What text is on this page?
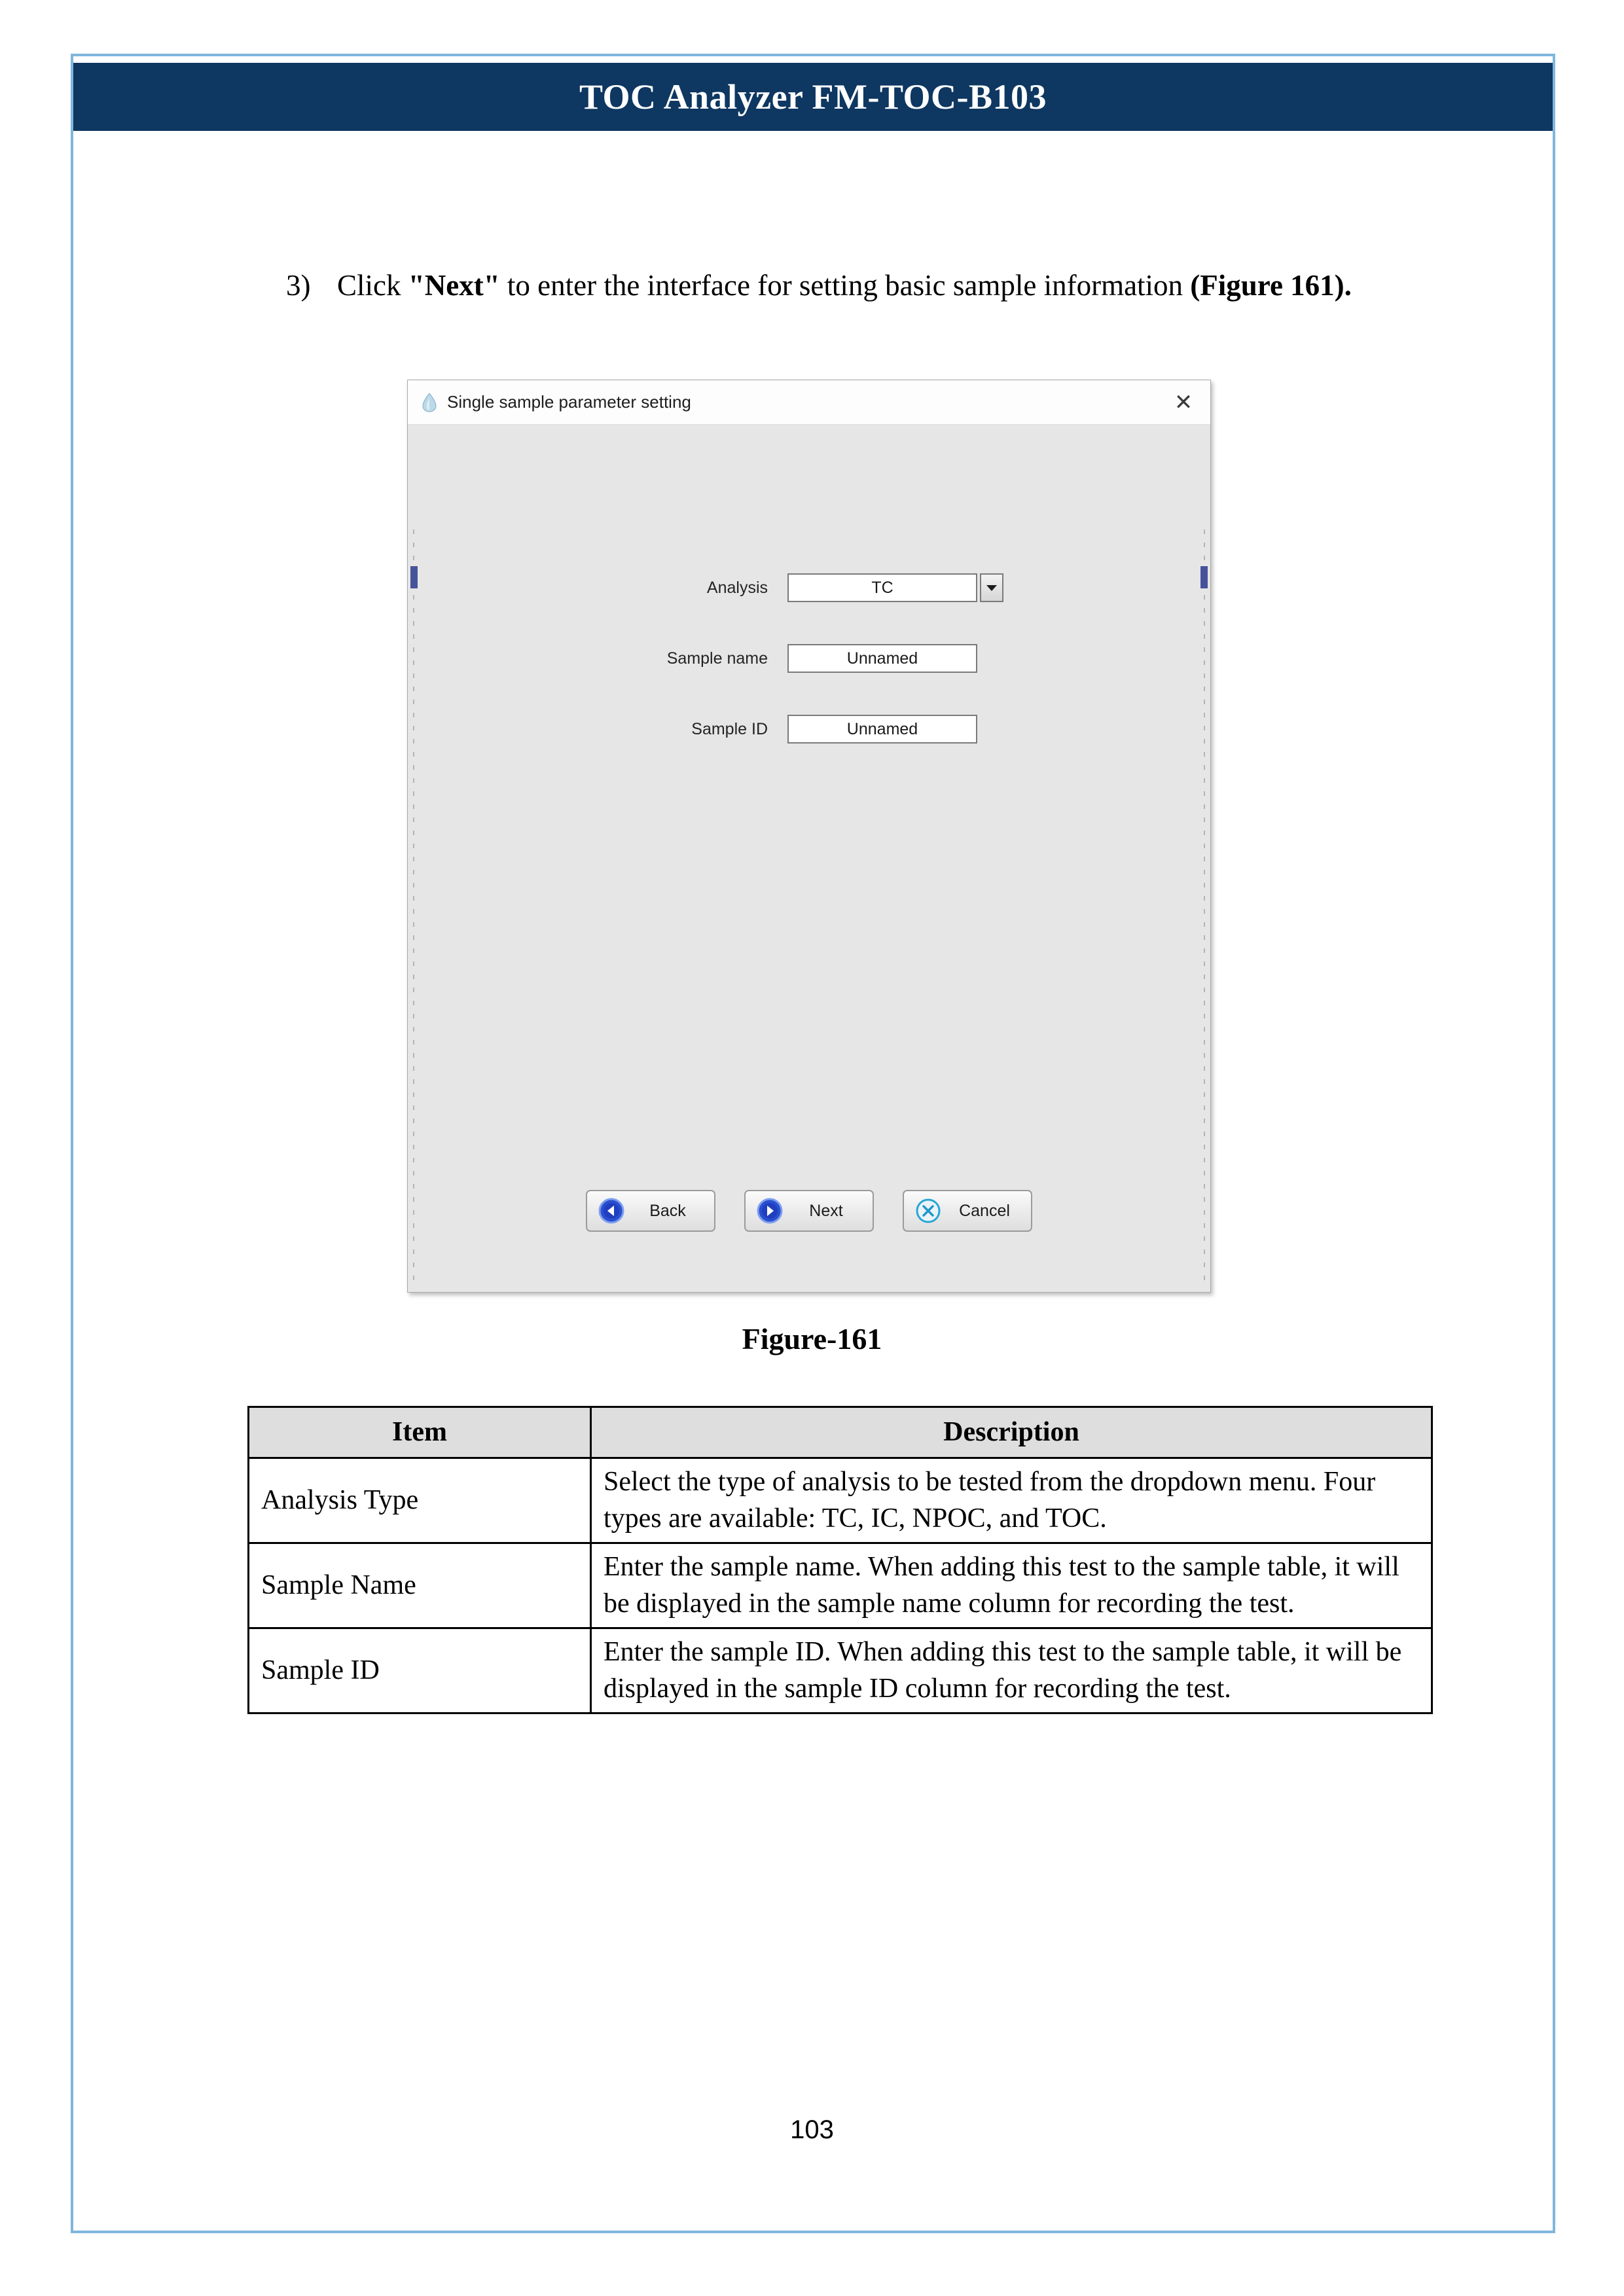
TOC Analyzer FM-TOC-B103
3) Click "Next" to enter the interface for setting basic sample information (Figure 161).
Single sample parameter setting	✕
Analysis	TC
Sample name	Unnamed
Sample ID	Unnamed
Back	Next	Cancel
Figure-161
Item	Description
Analysis Type	Select the type of analysis to be tested from the dropdown menu. Four types are available: TC, IC, NPOC, and TOC.
Sample Name	Enter the sample name. When adding this test to the sample table, it will be displayed in the sample name column for recording the test.
Sample ID	Enter the sample ID. When adding this test to the sample table, it will be displayed in the sample ID column for recording the test.
103
